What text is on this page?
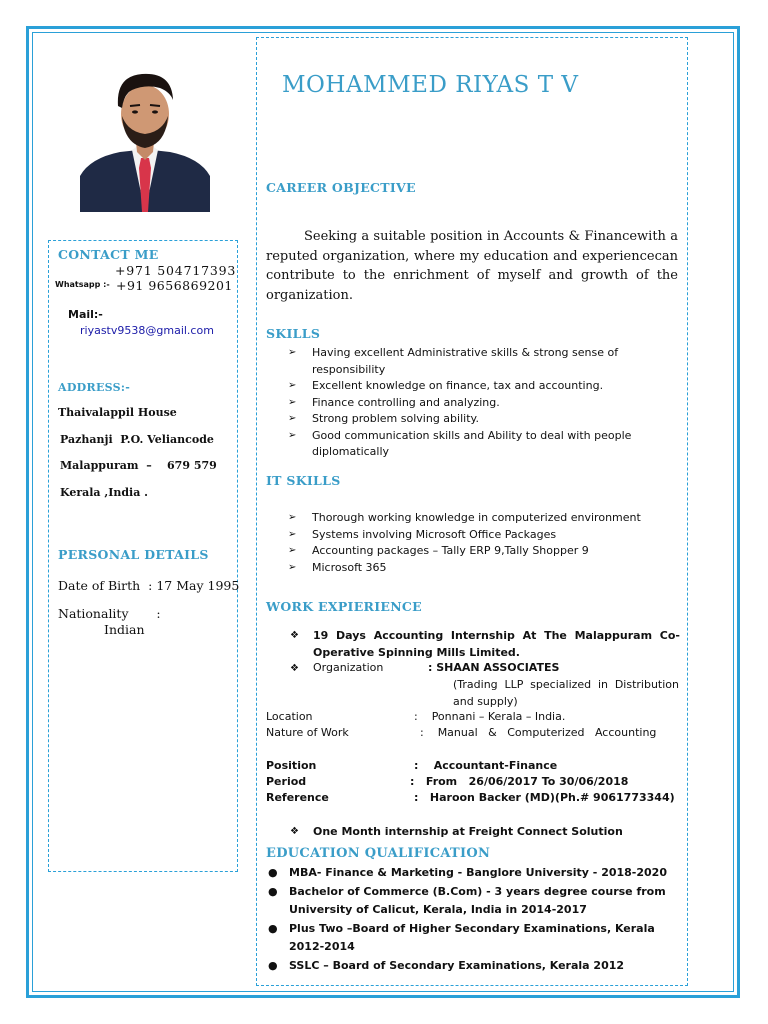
MOHAMMED RIYAS T V
CONTACT ME
+971 504717393
Whatsapp :- +91 9656869201
Mail:-
riyastv9538@gmail.com
ADDRESS:-
Thaivalappil House
Pazhanji  P.O. Veliancode
Malappuram  –    679 579
Kerala ,India .
PERSONAL DETAILS
Date of Birth  : 17 May 1995
Nationality       :
Indian
CAREER OBJECTIVE
Seeking a suitable position in Accounts & Financewith a reputed organization, where my education and experiencecan contribute to the enrichment of myself and growth of the organization.
SKILLS
➢ Having excellent Administrative skills & strong sense of responsibility
➢ Excellent knowledge on finance, tax and accounting.
➢ Finance controlling and analyzing.
➢ Strong problem solving ability.
➢ Good communication skills and Ability to deal with people diplomatically
IT SKILLS
➢ Thorough working knowledge in computerized environment
➢ Systems involving Microsoft Office Packages
➢ Accounting packages – Tally ERP 9,Tally Shopper 9
➢ Microsoft 365
WORK EXPIERIENCE
❖	19 Days Accounting Internship At The Malappuram Co-Operative Spinning Mills Limited.
❖ Organization	: SHAAN ASSOCIATES
(Trading LLP specialized in Distribution and supply)
Location	:    Ponnani – Kerala – India.
Nature of Work	:    Manual   &   Computerized   Accounting
Position	:    Accountant-Finance
Period	:   From   26/06/2017 To 30/06/2018
Reference	:   Haroon Backer (MD)(Ph.# 9061773344)
❖ One Month internship at Freight Connect Solution
EDUCATION QUALIFICATION
● MBA- Finance & Marketing - Banglore University - 2018-2020
● Bachelor of Commerce (B.Com) - 3 years degree course from University of Calicut, Kerala, India in 2014-2017
● Plus Two –Board of Higher Secondary Examinations, Kerala 2012-2014
● SSLC – Board of Secondary Examinations, Kerala 2012
